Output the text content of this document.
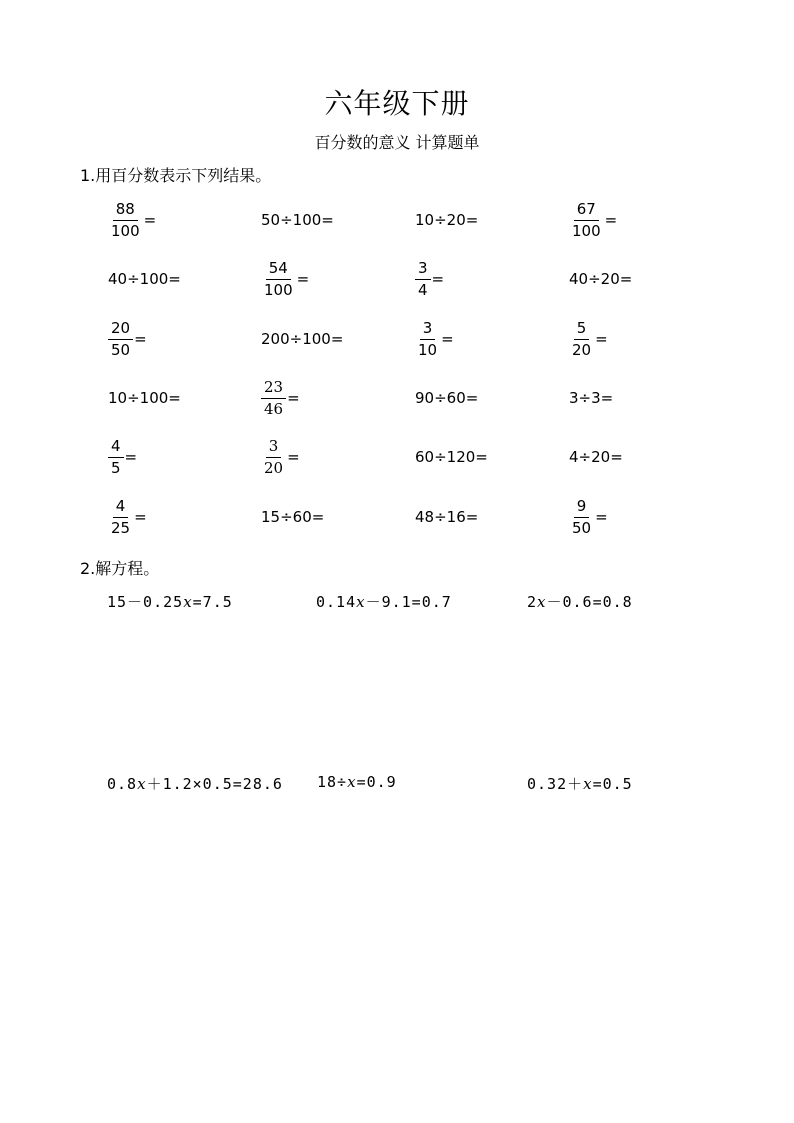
六年级下册
百分数的意义 计算题单
1.用百分数表示下列结果。
$\frac{88}{100}$ =	50÷100=	10÷20=	$\frac{67}{100}$ =
40÷100=	$\frac{54}{100}$ =	$\frac{3}{4}$ =	40÷20=
$\frac{20}{50}$ =	200÷100=	$\frac{3}{10}$ =	$\frac{5}{20}$ =
10÷100=	$\frac{23}{46}$ =	90÷60=	3÷3=
$\frac{4}{5}$ =	$\frac{3}{20}$ =	60÷120=	4÷20=
$\frac{4}{25}$ =	15÷60=	48÷16=	$\frac{9}{50}$ =
2.解方程。
15－0.25x=7.5	0.14x－9.1=0.7	2x－0.6=0.8
0.8x＋1.2×0.5=28.6 18÷x=0.9	0.32＋x=0.5
